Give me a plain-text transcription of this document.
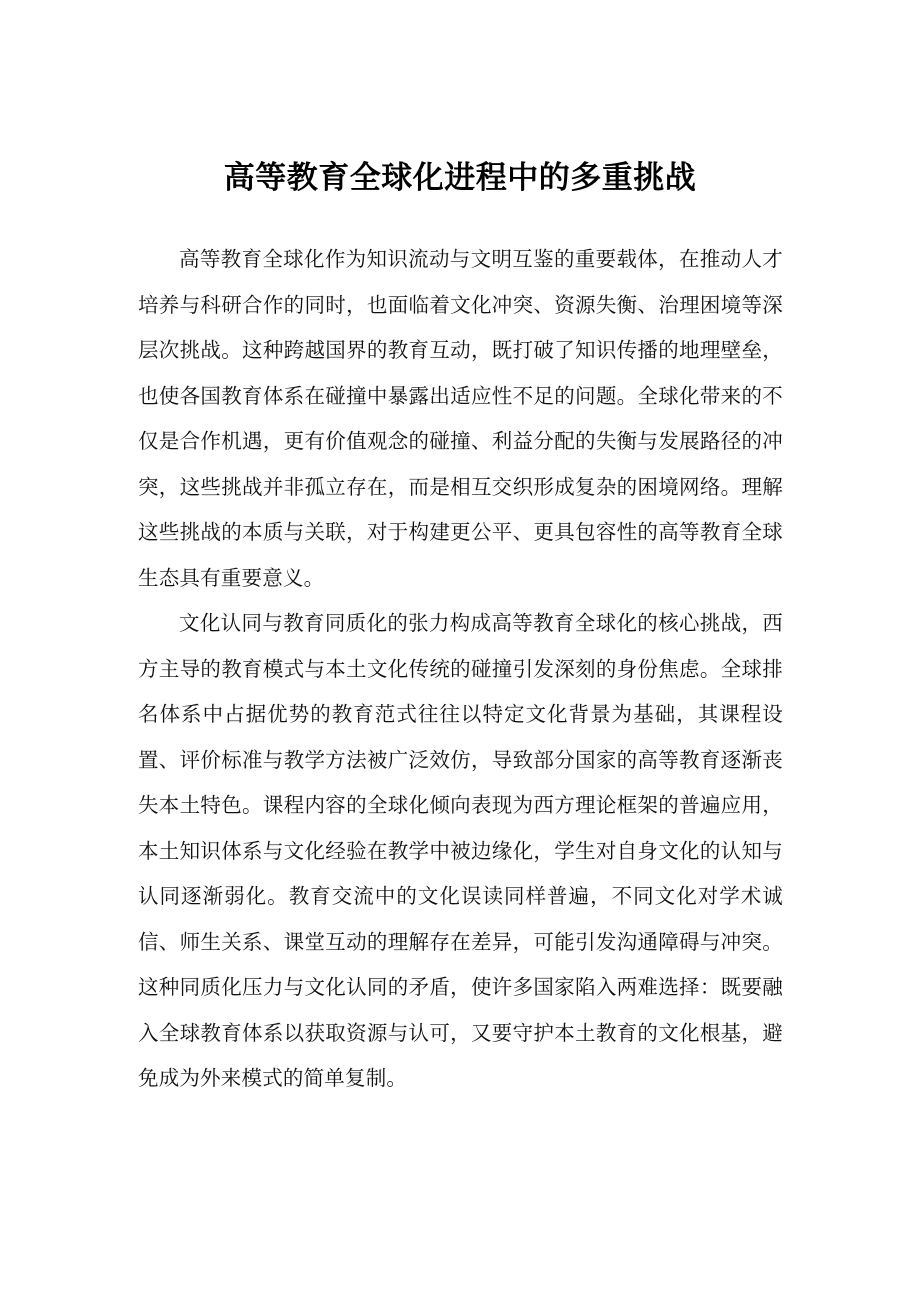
高等教育全球化进程中的多重挑战

高等教育全球化作为知识流动与文明互鉴的重要载体，在推动人才培养与科研合作的同时，也面临着文化冲突、资源失衡、治理困境等深层次挑战。这种跨越国界的教育互动，既打破了知识传播的地理壁垒，也使各国教育体系在碰撞中暴露出适应性不足的问题。全球化带来的不仅是合作机遇，更有价值观念的碰撞、利益分配的失衡与发展路径的冲突，这些挑战并非孤立存在，而是相互交织形成复杂的困境网络。理解这些挑战的本质与关联，对于构建更公平、更具包容性的高等教育全球生态具有重要意义。

文化认同与教育同质化的张力构成高等教育全球化的核心挑战，西方主导的教育模式与本土文化传统的碰撞引发深刻的身份焦虑。全球排名体系中占据优势的教育范式往往以特定文化背景为基础，其课程设置、评价标准与教学方法被广泛效仿，导致部分国家的高等教育逐渐丧失本土特色。课程内容的全球化倾向表现为西方理论框架的普遍应用，本土知识体系与文化经验在教学中被边缘化，学生对自身文化的认知与认同逐渐弱化。教育交流中的文化误读同样普遍，不同文化对学术诚信、师生关系、课堂互动的理解存在差异，可能引发沟通障碍与冲突。这种同质化压力与文化认同的矛盾，使许多国家陷入两难选择：既要融入全球教育体系以获取资源与认可，又要守护本土教育的文化根基，避免成为外来模式的简单复制。
